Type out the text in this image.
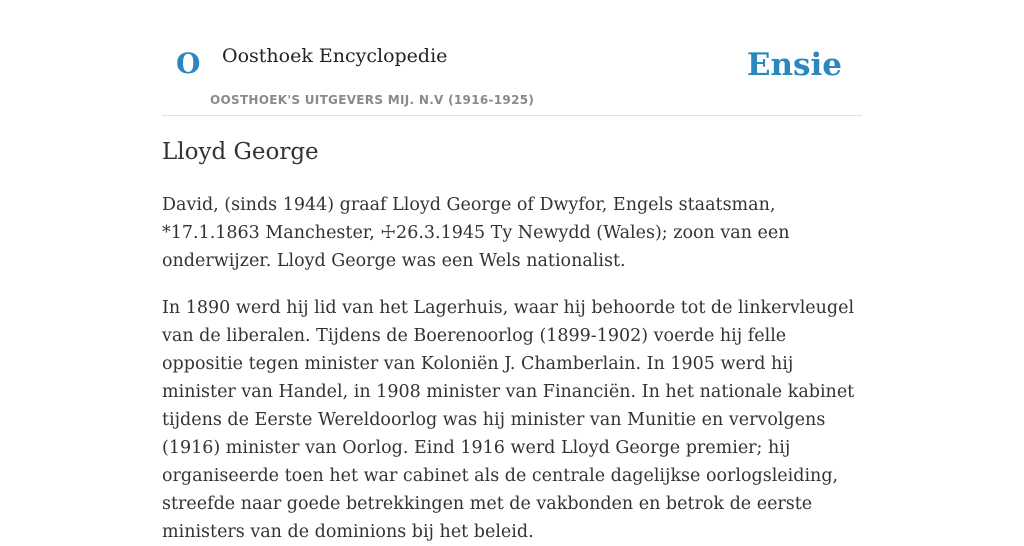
O Oosthoek Encyclopedie
OOSTHOEK'S UITGEVERS MIJ. N.V (1916-1925)
Ensie
Lloyd George

David, (sinds 1944) graaf Lloyd George of Dwyfor, Engels staatsman, *17.1.1863 Manchester, ☩26.3.1945 Ty Newydd (Wales); zoon van een onderwijzer. Lloyd George was een Wels nationalist.

In 1890 werd hij lid van het Lagerhuis, waar hij behoorde tot de linkervleugel van de liberalen. Tijdens de Boerenoorlog (1899-1902) voerde hij felle oppositie tegen minister van Koloniën J. Chamberlain. In 1905 werd hij minister van Handel, in 1908 minister van Financiën. In het nationale kabinet tijdens de Eerste Wereldoorlog was hij minister van Munitie en vervolgens (1916) minister van Oorlog. Eind 1916 werd Lloyd George premier; hij organiseerde toen het war cabinet als de centrale dagelijkse oorlogsleiding, streefde naar goede betrekkingen met de vakbonden en betrok de eerste ministers van de dominions bij het beleid.
